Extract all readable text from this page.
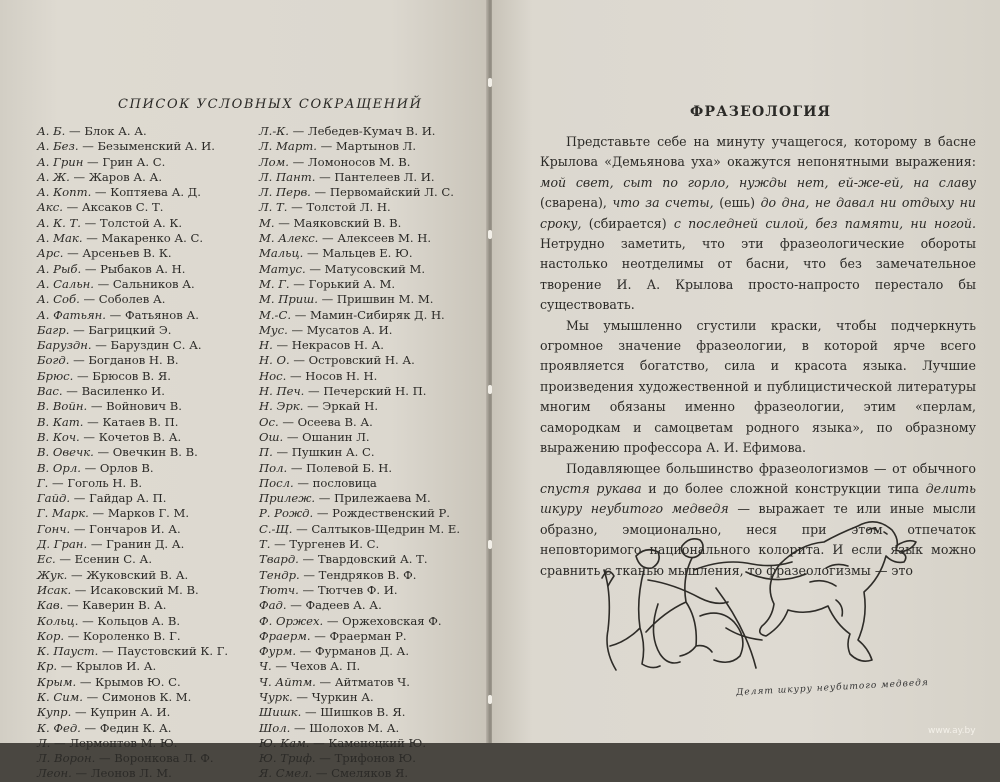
СПИСОК УСЛОВНЫХ СОКРАЩЕНИЙ
А. Б. — Блок А. А.
А. Без. — Безыменский А. И.
А. Грин — Грин А. С.
А. Ж. — Жаров А. А.
А. Копт. — Коптяева А. Д.
Акс. — Аксаков С. Т.
А. К. Т. — Толстой А. К.
А. Мак. — Макаренко А. С.
Арс. — Арсеньев В. К.
А. Рыб. — Рыбаков А. Н.
А. Сальн. — Сальников А.
А. Соб. — Соболев А.
А. Фатьян. — Фатьянов А.
Багр. — Багрицкий Э.
Баруздн. — Баруздин С. А.
Богд. — Богданов Н. В.
Брюс. — Брюсов В. Я.
Вас. — Василенко И.
В. Войн. — Войнович В.
В. Кат. — Катаев В. П.
В. Коч. — Кочетов В. А.
В. Овечк. — Овечкин В. В.
В. Орл. — Орлов В.
Г. — Гоголь Н. В.
Гайд. — Гайдар А. П.
Г. Марк. — Марков Г. М.
Гонч. — Гончаров И. А.
Д. Гран. — Гранин Д. А.
Ес. — Есенин С. А.
Жук. — Жуковский В. А.
Исак. — Исаковский М. В.
Кав. — Каверин В. А.
Кольц. — Кольцов А. В.
Кор. — Короленко В. Г.
К. Пауст. — Паустовский К. Г.
Кр. — Крылов И. А.
Крым. — Крымов Ю. С.
К. Сим. — Симонов К. М.
Купр. — Куприн А. И.
К. Фед. — Федин К. А.
Л. — Лермонтов М. Ю.
Л. Ворон. — Воронкова Л. Ф.
Леон. — Леонов Л. М.
Л.-К. — Лебедев-Кумач В. И.
Л. Март. — Мартынов Л.
Лом. — Ломоносов М. В.
Л. Пант. — Пантелеев Л. И.
Л. Перв. — Первомайский Л. С.
Л. Т. — Толстой Л. Н.
М. — Маяковский В. В.
М. Алекс. — Алексеев М. Н.
Мальц. — Мальцев Е. Ю.
Матус. — Матусовский М.
М. Г. — Горький А. М.
М. Приш. — Пришвин М. М.
М.-С. — Мамин-Сибиряк Д. Н.
Мус. — Мусатов А. И.
Н. — Некрасов Н. А.
Н. О. — Островский Н. А.
Нос. — Носов Н. Н.
Н. Печ. — Печерский Н. П.
Н. Эрк. — Эркай Н.
Ос. — Осеева В. А.
Ош. — Ошанин Л.
П. — Пушкин А. С.
Пол. — Полевой Б. Н.
Посл. — пословица
Прилеж. — Прилежаева М.
Р. Рожд. — Рождественский Р.
С.-Щ. — Салтыков-Щедрин М. Е.
Т. — Тургенев И. С.
Твард. — Твардовский А. Т.
Тендр. — Тендряков В. Ф.
Тютч. — Тютчев Ф. И.
Фад. — Фадеев А. А.
Ф. Оржех. — Оржеховская Ф.
Фраерм. — Фраерман Р.
Фурм. — Фурманов Д. А.
Ч. — Чехов А. П.
Ч. Айтм. — Айтматов Ч.
Чурк. — Чуркин А.
Шишк. — Шишков В. Я.
Шол. — Шолохов М. А.
Ю. Кам. — Каменецкий Ю.
Ю. Триф. — Трифонов Ю.
Я. Смел. — Смеляков Я.
ФРАЗЕОЛОГИЯ

Представьте себе на минуту учащегося, которому в басне Крылова «Демьянова уха» окажутся непонятными выражения: мой свет, сыт по горло, нужды нет, ей-же-ей, на славу (сварена), что за счеты, (ешь) до дна, не давал ни отдыху ни сроку, (сбирается) с последней силой, без памяти, ни ногой. Нетрудно заметить, что эти фразеологические обороты настолько неотделимы от басни, что без замечательное творение И. А. Крылова просто-напросто перестало бы существовать.

Мы умышленно сгустили краски, чтобы подчеркнуть огромное значение фразеологии, в которой ярче всего проявляется богатство, сила и красота языка. Лучшие произведения художественной и публицистической литературы многим обязаны именно фразеологии, этим «перлам, самородкам и самоцветам родного языка», по образному выражению профессора А. И. Ефимова.

Подавляющее большинство фразеологизмов — от обычного спустя рукава и до более сложной конструкции типа делить шкуру неубитого медведя — выражает те или иные мысли образно, эмоционально, неся при этом отпечаток неповторимого национального колорита. И если язык можно сравнить с тканью мышления, то фразеологизмы — это

Делят шкуру неубитого медведя
www.ay.by
